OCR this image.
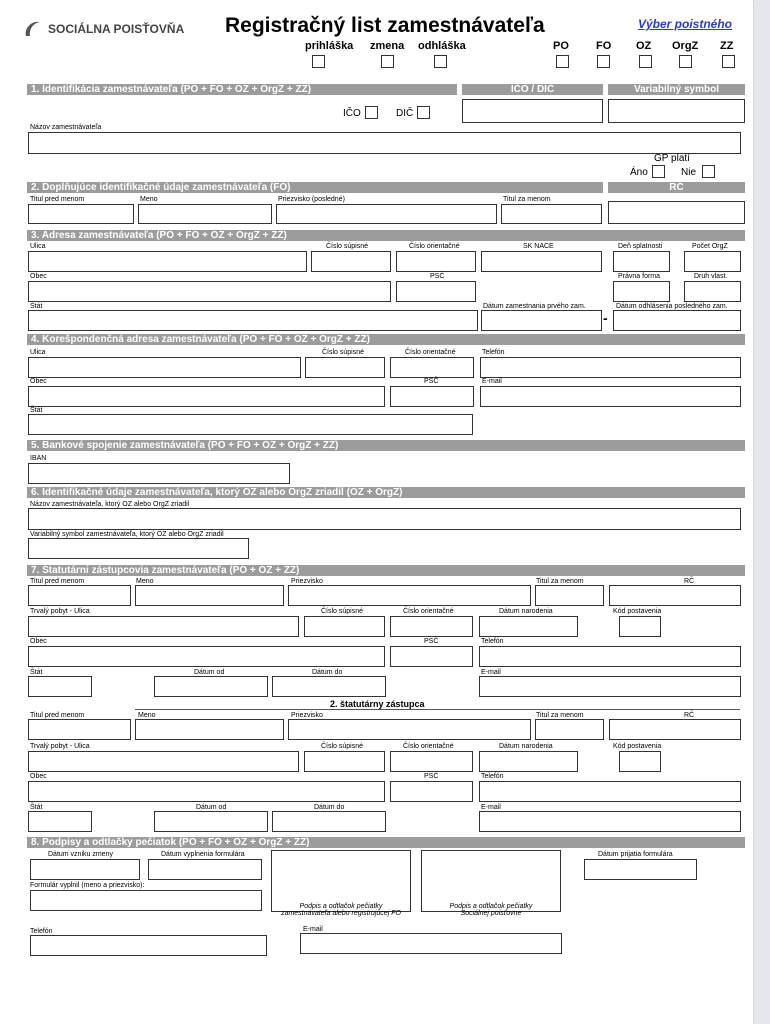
SOCIÁLNA POISŤOVŇA Registračný list zamestnávateľa	Výber poistného
prihláška zmena odhláška	PO FO OZ OrgZ ZZ
1. Identifikácia zamestnávateľa (PO + FO + OZ + OrgZ + ZZ)	IČO / DIČ	Variabilný symbol
IČO	DIČ
Názov zamestnávateľa
GP platí
Áno	Nie
2. Doplňujúce identifikačné údaje zamestnávateľa (FO)	RČ
Titul pred menom	Meno	Priezvisko (posledné)	Titul za menom
3. Adresa zamestnávateľa (PO + FO + OZ + OrgZ + ZZ)
Ulica	Číslo súpisné	Číslo orientačné	SK NACE	Deň splatnosti	Počet OrgZ
Obec	PSČ	Právna forma	Druh vlast.
Štát	Dátum zamestnania prvého zam.	Dátum odhlásenia posledného zam.
-
4. Korešpondenčná adresa zamestnávateľa (PO + FO + OZ + OrgZ + ZZ)
Ulica	Číslo súpisné	Číslo orientačné	Telefón
Obec	PSČ	E-mail
Štát
5. Bankové spojenie zamestnávateľa (PO + FO + OZ + OrgZ + ZZ)
IBAN
6. Identifikačné údaje zamestnávateľa, ktorý OZ alebo OrgZ zriadil (OZ + OrgZ)
Názov zamestnávateľa, ktorý OZ alebo OrgZ zriadil
Variabilný symbol zamestnávateľa, ktorý OZ alebo OrgZ zriadil
7. Štatutárni zástupcovia zamestnávateľa (PO + OZ + ZZ)
Titul pred menom	Meno	Priezvisko	Titul za menom	RČ
Trvalý pobyt - Ulica	Číslo súpisné	Číslo orientačné	Dátum narodenia	Kód postavenia
Obec	PSČ	Telefón
Štát	Dátum od	Dátum do	E-mail
2. štatutárny zástupca
Titul pred menom	Meno	Priezvisko	Titul za menom	RČ
Trvalý pobyt - Ulica	Číslo súpisné	Číslo orientačné	Dátum narodenia	Kód postavenia
Obec	PSČ	Telefón
Štát	Dátum od	Dátum do	E-mail
8. Podpisy a odtlačky pečiatok (PO + FO + OZ + OrgZ + ZZ)
Dátum vzniku zmeny	Dátum vyplnenia formulára	Dátum prijatia formulára
Podpis a odtlačok pečiatky
zamestnávateľa alebo registrujúcej FO
Podpis a odtlačok pečiatky
Sociálnej poisťovne
Formulár vyplnil (meno a priezvisko):
Telefón	E-mail
